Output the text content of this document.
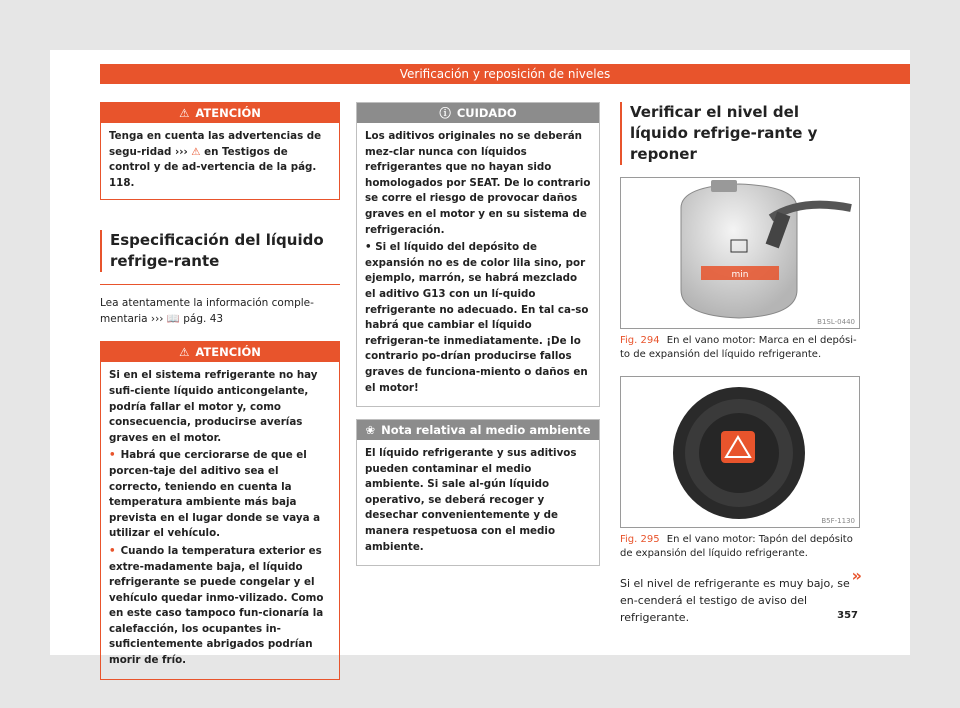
Verificación y reposición de niveles
⚠ ATENCIÓN
Tenga en cuenta las advertencias de segu-ridad ››› ⚠ en Testigos de control y de ad-vertencia de la pág. 118.
Especificación del líquido refrige-rante

Lea atentamente la información comple-mentaria ››› 📖 pág. 43

⚠ ATENCIÓN

Si en el sistema refrigerante no hay sufi-ciente líquido anticongelante, podría fallar el motor y, como consecuencia, producirse averías graves en el motor.

• Habrá que cerciorarse de que el porcen-taje del aditivo sea el correcto, teniendo en cuenta la temperatura ambiente más baja prevista en el lugar donde se vaya a utilizar el vehículo.

• Cuando la temperatura exterior es extre-madamente baja, el líquido refrigerante se puede congelar y el vehículo quedar inmo-vilizado. Como en este caso tampoco fun-cionaría la calefacción, los ocupantes in-suficientemente abrigados podrían morir de frío.

ⓘ CUIDADO

Los aditivos originales no se deberán mez-clar nunca con líquidos refrigerantes que no hayan sido homologados por SEAT. De lo contrario se corre el riesgo de provocar daños graves en el motor y en su sistema de refrigeración.

• Si el líquido del depósito de expansión no es de color lila sino, por ejemplo, marrón, se habrá mezclado el aditivo G13 con un lí-quido refrigerante no adecuado. En tal ca-so habrá que cambiar el líquido refrigeran-te inmediatamente. ¡De lo contrario po-drían producirse fallos graves de funciona-miento o daños en el motor!

❀ Nota relativa al medio ambiente

El líquido refrigerante y sus aditivos pueden contaminar el medio ambiente. Si sale al-gún líquido operativo, se deberá recoger y desechar convenientemente y de manera respetuosa con el medio ambiente.

Verificar el nivel del líquido refrige-rante y reponer
min
B1SL-0440

Fig. 294 En el vano motor: Marca en el depósi-to de expansión del líquido refrigerante.

B5F-1130

Fig. 295 En el vano motor: Tapón del depósito de expansión del líquido refrigerante.

Si el nivel de refrigerante es muy bajo, se en-cenderá el testigo de aviso del refrigerante.

»
357
